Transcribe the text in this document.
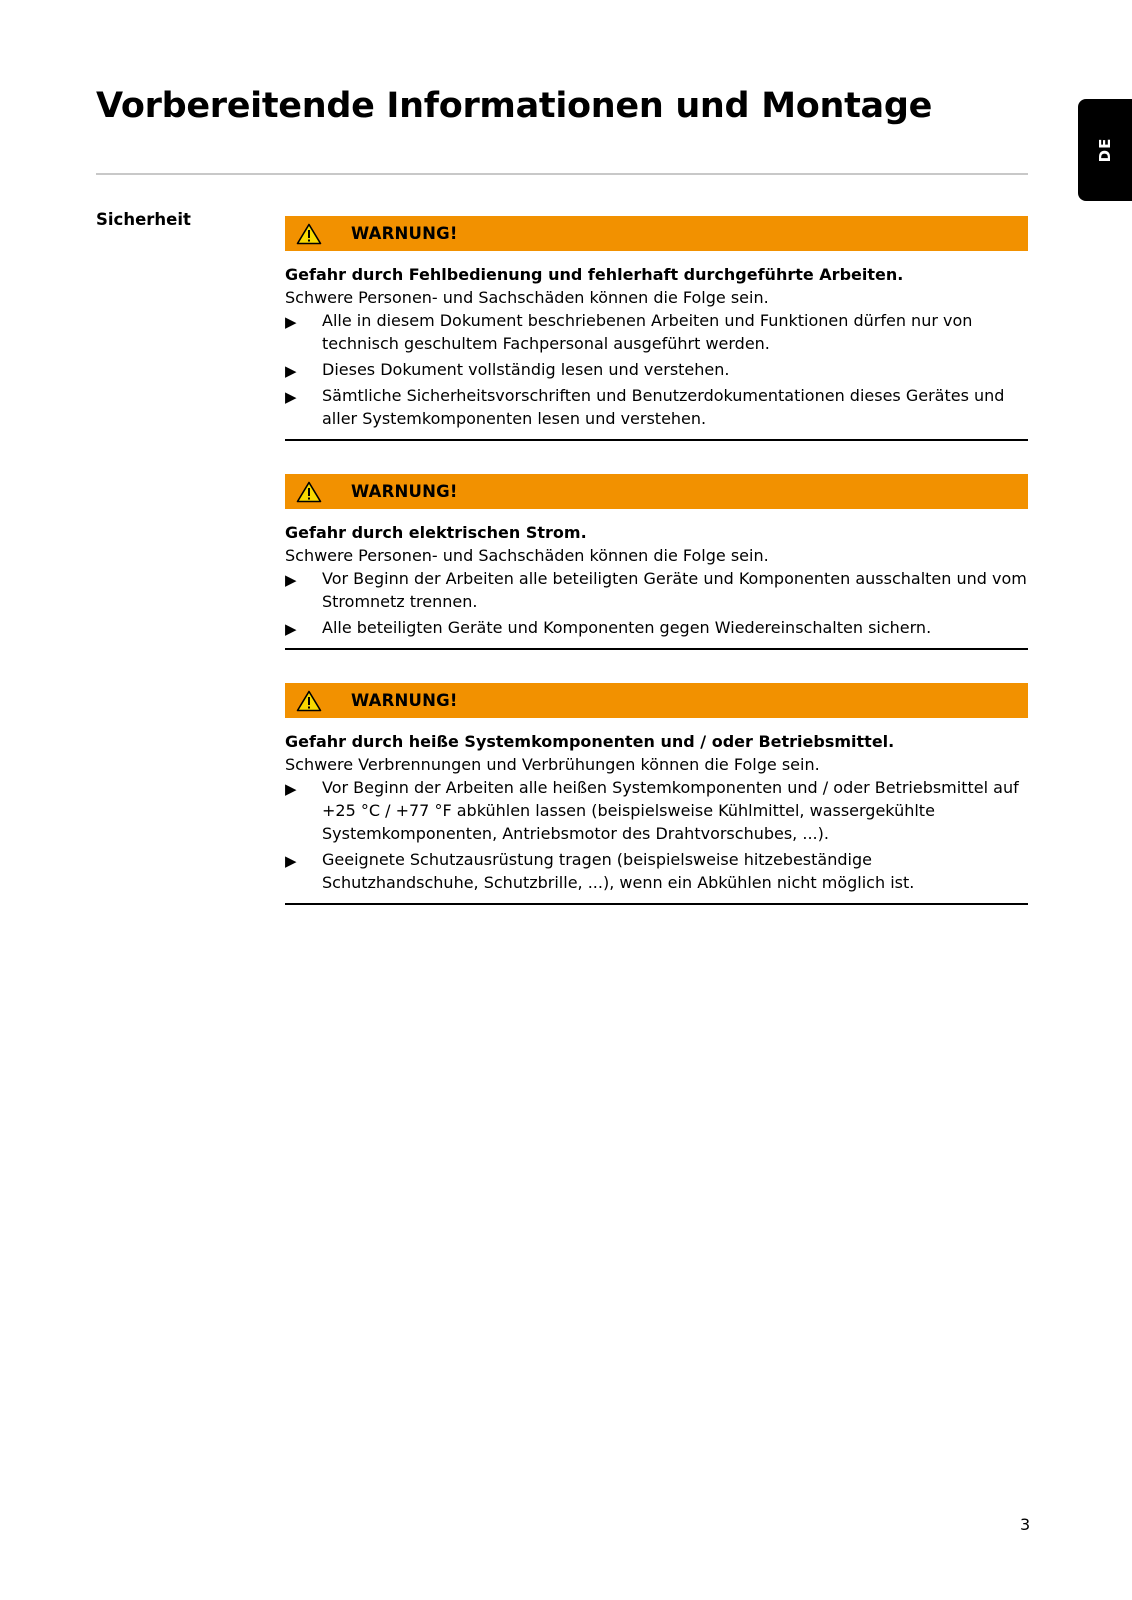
Vorbereitende Informationen und Montage
DE
Sicherheit
WARNUNG!
Gefahr durch Fehlbedienung und fehlerhaft durchgeführte Arbeiten.
Schwere Personen- und Sachschäden können die Folge sein.
▶ Alle in diesem Dokument beschriebenen Arbeiten und Funktionen dürfen nur von technisch geschultem Fachpersonal ausgeführt werden.
▶ Dieses Dokument vollständig lesen und verstehen.
▶ Sämtliche Sicherheitsvorschriften und Benutzerdokumentationen dieses Gerätes und aller Systemkomponenten lesen und verstehen.
WARNUNG!
Gefahr durch elektrischen Strom.
Schwere Personen- und Sachschäden können die Folge sein.
▶ Vor Beginn der Arbeiten alle beteiligten Geräte und Komponenten ausschalten und vom Stromnetz trennen.
▶ Alle beteiligten Geräte und Komponenten gegen Wiedereinschalten sichern.
WARNUNG!
Gefahr durch heiße Systemkomponenten und / oder Betriebsmittel.
Schwere Verbrennungen und Verbrühungen können die Folge sein.
▶ Vor Beginn der Arbeiten alle heißen Systemkomponenten und / oder Betriebsmittel auf +25 °C / +77 °F abkühlen lassen (beispielsweise Kühlmittel, wassergekühlte Systemkomponenten, Antriebsmotor des Drahtvorschubes, ...).
▶ Geeignete Schutzausrüstung tragen (beispielsweise hitzebeständige Schutzhandschuhe, Schutzbrille, ...), wenn ein Abkühlen nicht möglich ist.
3
